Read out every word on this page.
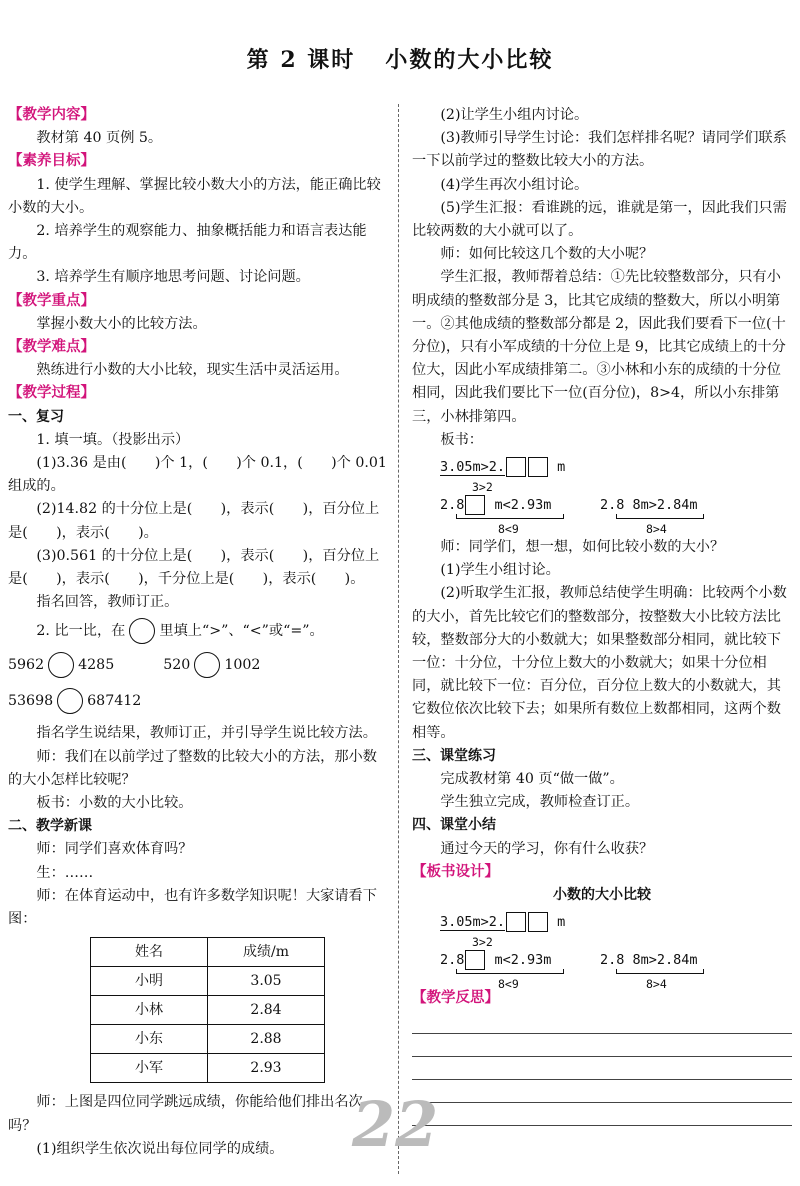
第 2 课时 小数的大小比较
【教学内容】

教材第 40 页例 5。

【素养目标】

1. 使学生理解、掌握比较小数大小的方法，能正确比较小数的大小。

2. 培养学生的观察能力、抽象概括能力和语言表达能力。

3. 培养学生有顺序地思考问题、讨论问题。

【教学重点】

掌握小数大小的比较方法。

【教学难点】

熟练进行小数的大小比较，现实生活中灵活运用。

【教学过程】
一、复习

1. 填一填。（投影出示）

(1)3.36 是由(　　)个 1，(　　)个 0.1，(　　)个 0.01 组成的。

(2)14.82 的十分位上是(　　)，表示(　　)，百分位上是(　　)，表示(　　)。

(3)0.561 的十分位上是(　　)，表示(　　)，百分位上是(　　)，表示(　　)，千分位上是(　　)，表示(　　)。

指名回答，教师订正。

2. 比一比，在 里填上“>”、“<”或“=”。

5962 4285	520 1002

53698 687412

指名学生说结果，教师订正，并引导学生说比较方法。

师：我们在以前学过了整数的比较大小的方法，那小数的大小怎样比较呢？

板书：小数的大小比较。

二、教学新课

师：同学们喜欢体育吗？

生：……

师：在体育运动中，也有许多数学知识呢！大家请看下图：

姓名	成绩/m
小明	3.05
小林	2.84
小东	2.88
小军	2.93

师：上图是四位同学跳远成绩，你能给他们排出名次吗？

(1)组织学生依次说出每位同学的成绩。

(2)让学生小组内讨论。

(3)教师引导学生讨论：我们怎样排名呢？请同学们联系一下以前学过的整数比较大小的方法。

(4)学生再次小组讨论。

(5)学生汇报：看谁跳的远，谁就是第一，因此我们只需比较两数的大小就可以了。

师：如何比较这几个数的大小呢？

学生汇报，教师帮着总结：①先比较整数部分，只有小明成绩的整数部分是 3，比其它成绩的整数大，所以小明第一。②其他成绩的整数部分都是 2，因此我们要看下一位(十分位)，只有小军成绩的十分位上是 9，比其它成绩上的十分位大，因此小军成绩排第二。③小林和小东的成绩的十分位相同，因此我们要比下一位(百分位)，8>4，所以小东排第三，小林排第四。

板书：

3.05m>2.	m
3>2
2.8 m<2.93m
8<9
2.8 8m>2.84m
8>4

师：同学们，想一想，如何比较小数的大小？

(1)学生小组讨论。

(2)听取学生汇报，教师总结使学生明确：比较两个小数的大小，首先比较它们的整数部分，按整数大小比较方法比较，整数部分大的小数就大；如果整数部分相同，就比较下一位：十分位，十分位上数大的小数就大；如果十分位相同，就比较下一位：百分位，百分位上数大的小数就大，其它数位依次比较下去；如果所有数位上数都相同，这两个数相等。

三、课堂练习

完成教材第 40 页“做一做”。

学生独立完成，教师检查订正。

四、课堂小结

通过今天的学习，你有什么收获？

【板书设计】
小数的大小比较
3.05m>2.	m
3>2
2.8 m<2.93m
8<9
2.8 8m>2.84m
8>4
【教学反思】
22
